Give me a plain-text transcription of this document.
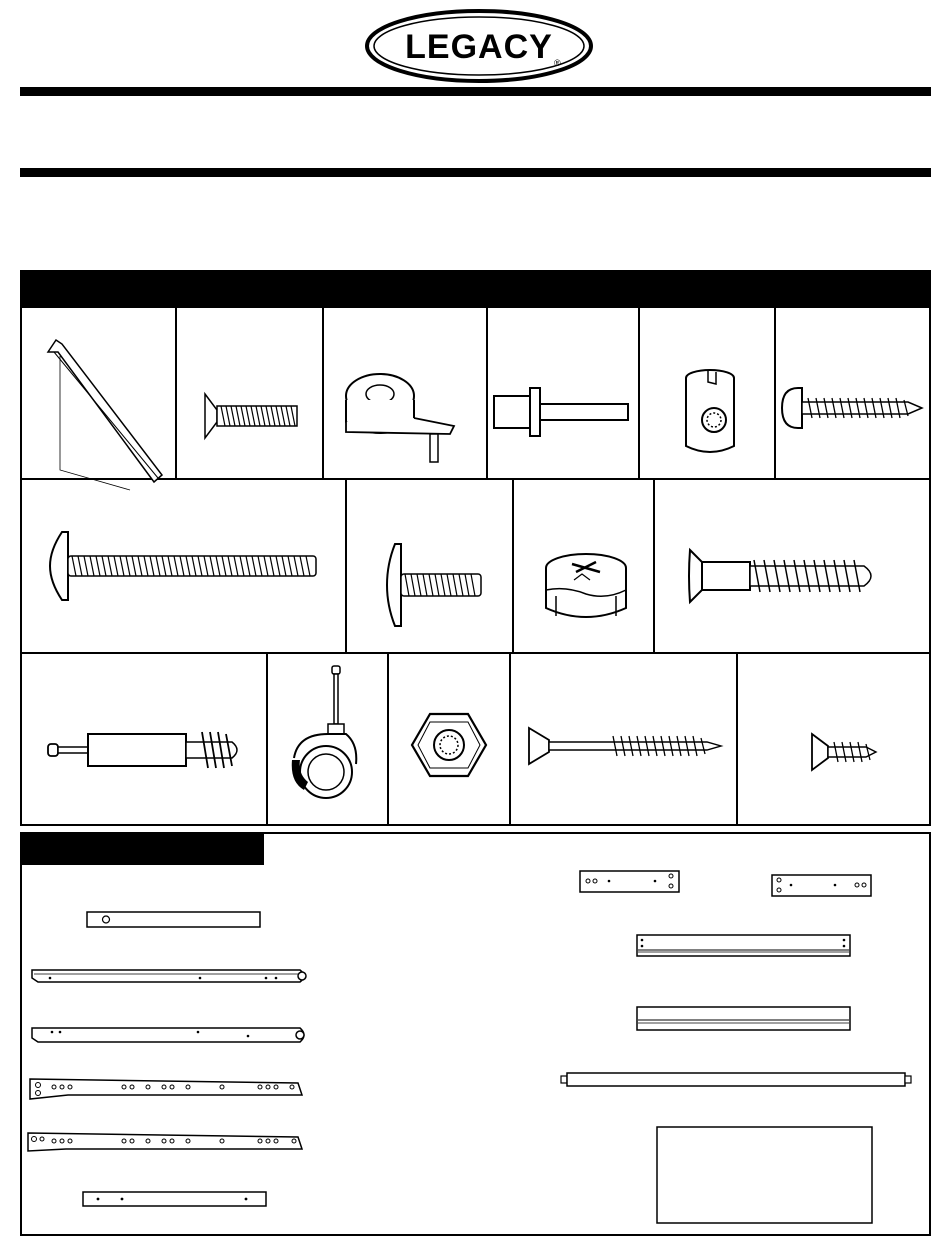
LEGACY ®
